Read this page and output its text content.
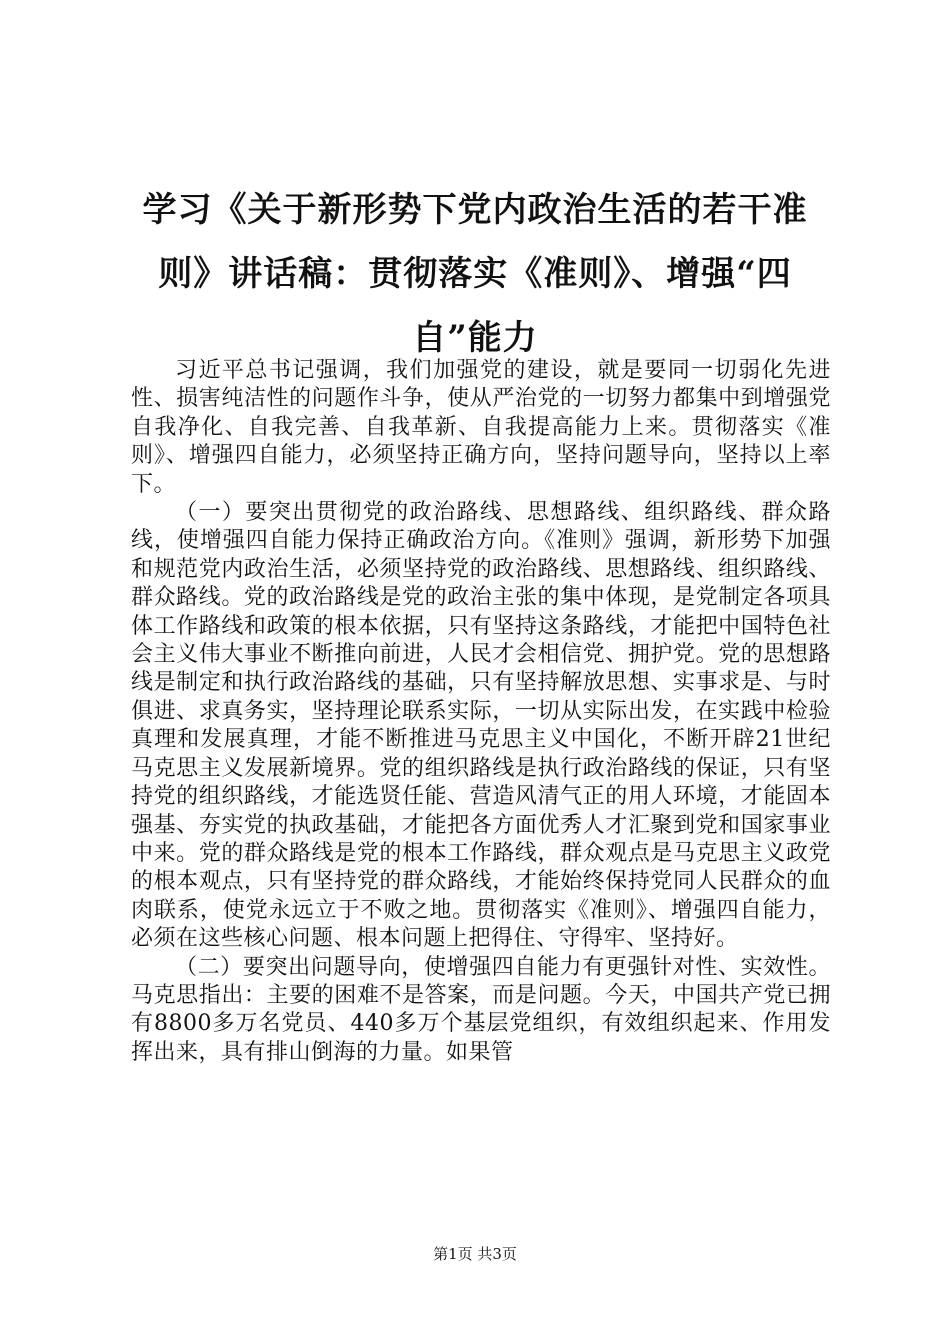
学习《关于新形势下党内政治生活的若干准则》讲话稿：贯彻落实《准则》、增强“四自”能力

习近平总书记强调，我们加强党的建设，就是要同一切弱化先进性、损害纯洁性的问题作斗争，使从严治党的一切努力都集中到增强党自我净化、自我完善、自我革新、自我提高能力上来。贯彻落实《准则》、增强四自能力，必须坚持正确方向，坚持问题导向，坚持以上率下。

（一）要突出贯彻党的政治路线、思想路线、组织路线、群众路线，使增强四自能力保持正确政治方向。《准则》强调，新形势下加强和规范党内政治生活，必须坚持党的政治路线、思想路线、组织路线、群众路线。党的政治路线是党的政治主张的集中体现，是党制定各项具体工作路线和政策的根本依据，只有坚持这条路线，才能把中国特色社会主义伟大事业不断推向前进，人民才会相信党、拥护党。党的思想路线是制定和执行政治路线的基础，只有坚持解放思想、实事求是、与时俱进、求真务实，坚持理论联系实际，一切从实际出发，在实践中检验真理和发展真理，才能不断推进马克思主义中国化，不断开辟21世纪马克思主义发展新境界。党的组织路线是执行政治路线的保证，只有坚持党的组织路线，才能选贤任能、营造风清气正的用人环境，才能固本强基、夯实党的执政基础，才能把各方面优秀人才汇聚到党和国家事业中来。党的群众路线是党的根本工作路线，群众观点是马克思主义政党的根本观点，只有坚持党的群众路线，才能始终保持党同人民群众的血肉联系，使党永远立于不败之地。贯彻落实《准则》、增强四自能力，必须在这些核心问题、根本问题上把得住、守得牢、坚持好。

（二）要突出问题导向，使增强四自能力有更强针对性、实效性。马克思指出：主要的困难不是答案，而是问题。今天，中国共产党已拥有8800多万名党员、440多万个基层党组织，有效组织起来、作用发挥出来，具有排山倒海的力量。如果管

第1页 共3页
